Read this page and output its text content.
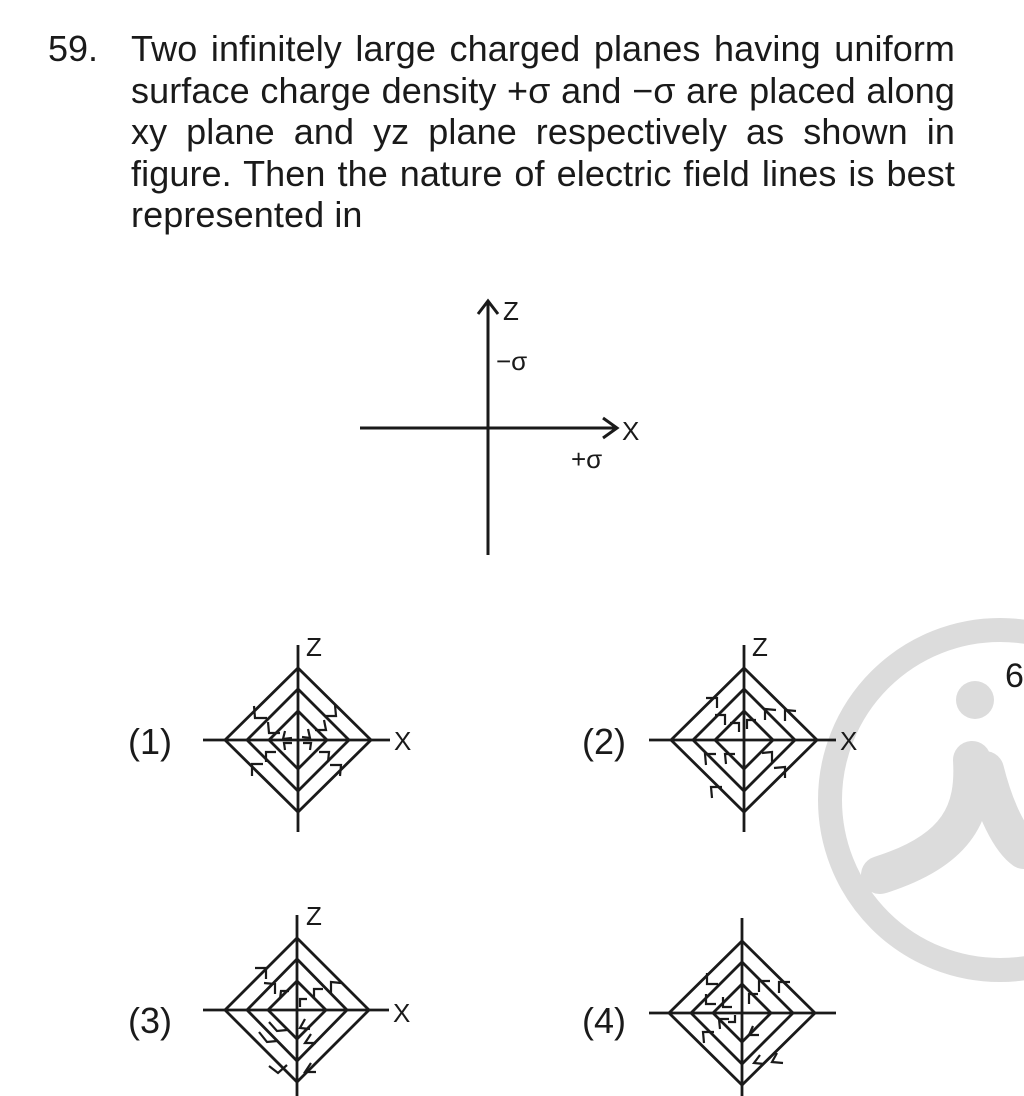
59. Two infinitely large charged planes having uniform surface charge density +σ and −σ are placed along xy plane and yz plane respectively as shown in figure. Then the nature of electric field lines is best represented in
Z
−σ
X
+σ
Z
X
Z
X
Z
X
(1)	(2)
(3)	(4)
6
